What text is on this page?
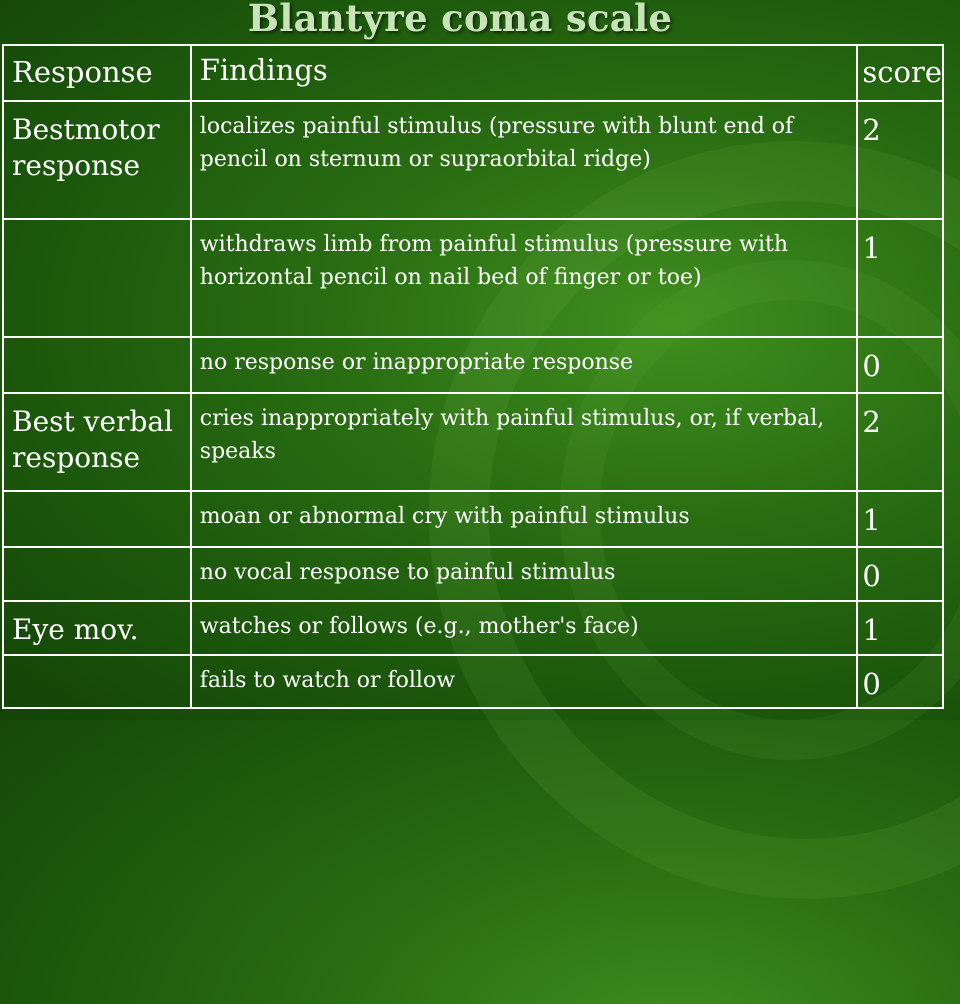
Blantyre coma scale
Response	Findings	score
Bestmotor response	localizes painful stimulus (pressure with blunt end of pencil on sternum or supraorbital ridge)	2
	withdraws limb from painful stimulus (pressure with horizontal pencil on nail bed of finger or toe)	1
	no response or inappropriate response	0
Best verbal response	cries inappropriately with painful stimulus, or, if verbal, speaks	2
	moan or abnormal cry with painful stimulus	1
	no vocal response to painful stimulus	0
Eye mov.	watches or follows (e.g., mother's face)	1
	fails to watch or follow	0
